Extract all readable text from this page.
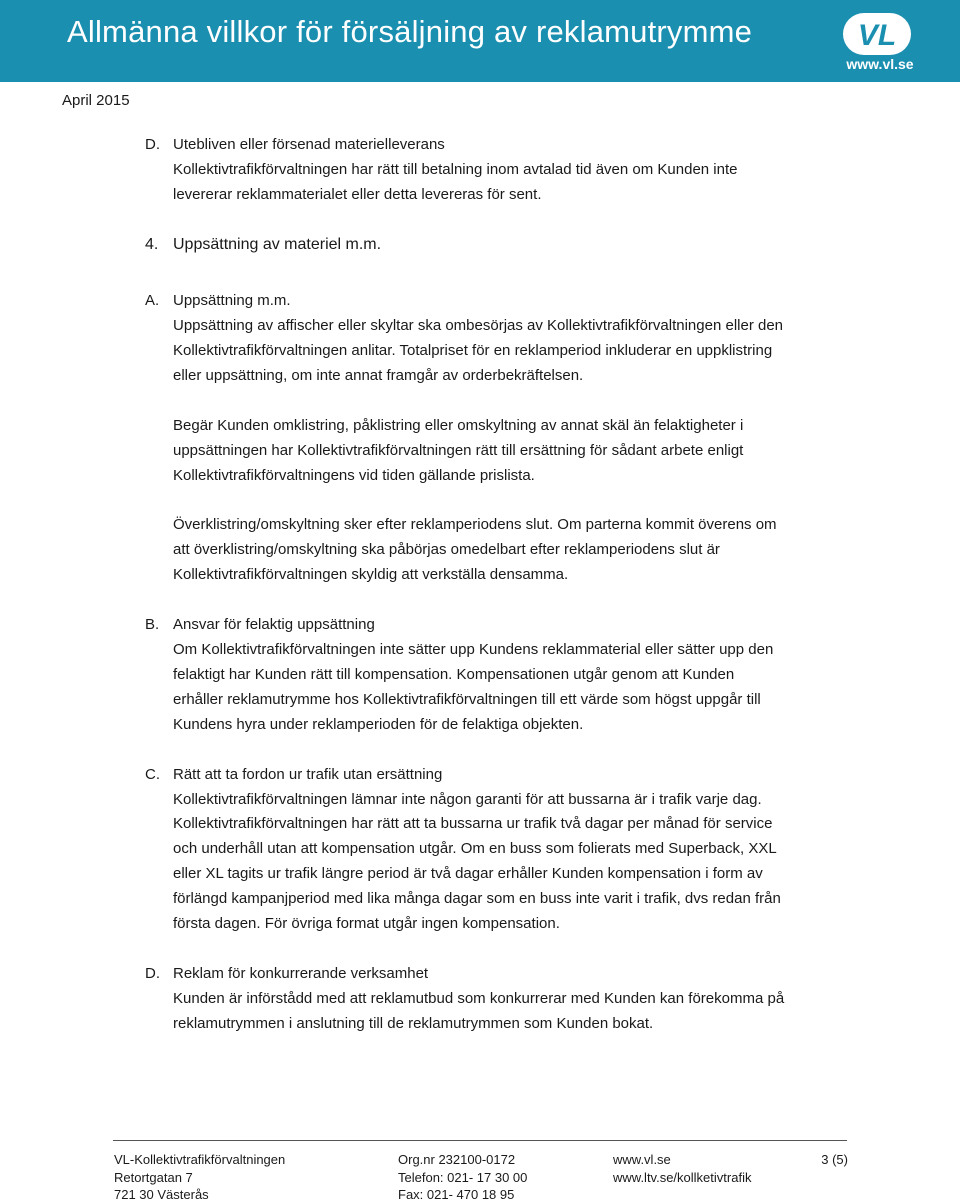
Allmänna villkor för försäljning av reklamutrymme	VL
www.vl.se
April 2015
D. Utebliven eller försenad materielleverans
Kollektivtrafikförvaltningen har rätt till betalning inom avtalad tid även om Kunden inte
levererar reklammaterialet eller detta levereras för sent.
4. Uppsättning av materiel m.m.
A. Uppsättning m.m.
Uppsättning av affischer eller skyltar ska ombesörjas av Kollektivtrafikförvaltningen eller den
Kollektivtrafikförvaltningen anlitar. Totalpriset för en reklamperiod inkluderar en uppklistring
eller uppsättning, om inte annat framgår av orderbekräftelsen.
Begär Kunden omklistring, påklistring eller omskyltning av annat skäl än felaktigheter i
uppsättningen har Kollektivtrafikförvaltningen rätt till ersättning för sådant arbete enligt
Kollektivtrafikförvaltningens vid tiden gällande prislista.
Överklistring/omskyltning sker efter reklamperiodens slut. Om parterna kommit överens om
att överklistring/omskyltning ska påbörjas omedelbart efter reklamperiodens slut är
Kollektivtrafikförvaltningen skyldig att verkställa densamma.
B. Ansvar för felaktig uppsättning
Om Kollektivtrafikförvaltningen inte sätter upp Kundens reklammaterial eller sätter upp den
felaktigt har Kunden rätt till kompensation. Kompensationen utgår genom att Kunden
erhåller reklamutrymme hos Kollektivtrafikförvaltningen till ett värde som högst uppgår till
Kundens hyra under reklamperioden för de felaktiga objekten.
C. Rätt att ta fordon ur trafik utan ersättning
Kollektivtrafikförvaltningen lämnar inte någon garanti för att bussarna är i trafik varje dag.
Kollektivtrafikförvaltningen har rätt att ta bussarna ur trafik två dagar per månad för service
och underhåll utan att kompensation utgår. Om en buss som folierats med Superback, XXL
eller XL tagits ur trafik längre period är två dagar erhåller Kunden kompensation i form av
förlängd kampanjperiod med lika många dagar som en buss inte varit i trafik, dvs redan från
första dagen. För övriga format utgår ingen kompensation.
D. Reklam för konkurrerande verksamhet
Kunden är införstådd med att reklamutbud som konkurrerar med Kunden kan förekomma på
reklamutrymmen i anslutning till de reklamutrymmen som Kunden bokat.
VL-Kollektivtrafikförvaltningen
Retortgatan 7
721 30 Västerås
Org.nr 232100-0172
Telefon: 021- 17 30 00
Fax: 021- 470 18 95
www.vl.se
www.ltv.se/kollketivtrafik
3 (5)
